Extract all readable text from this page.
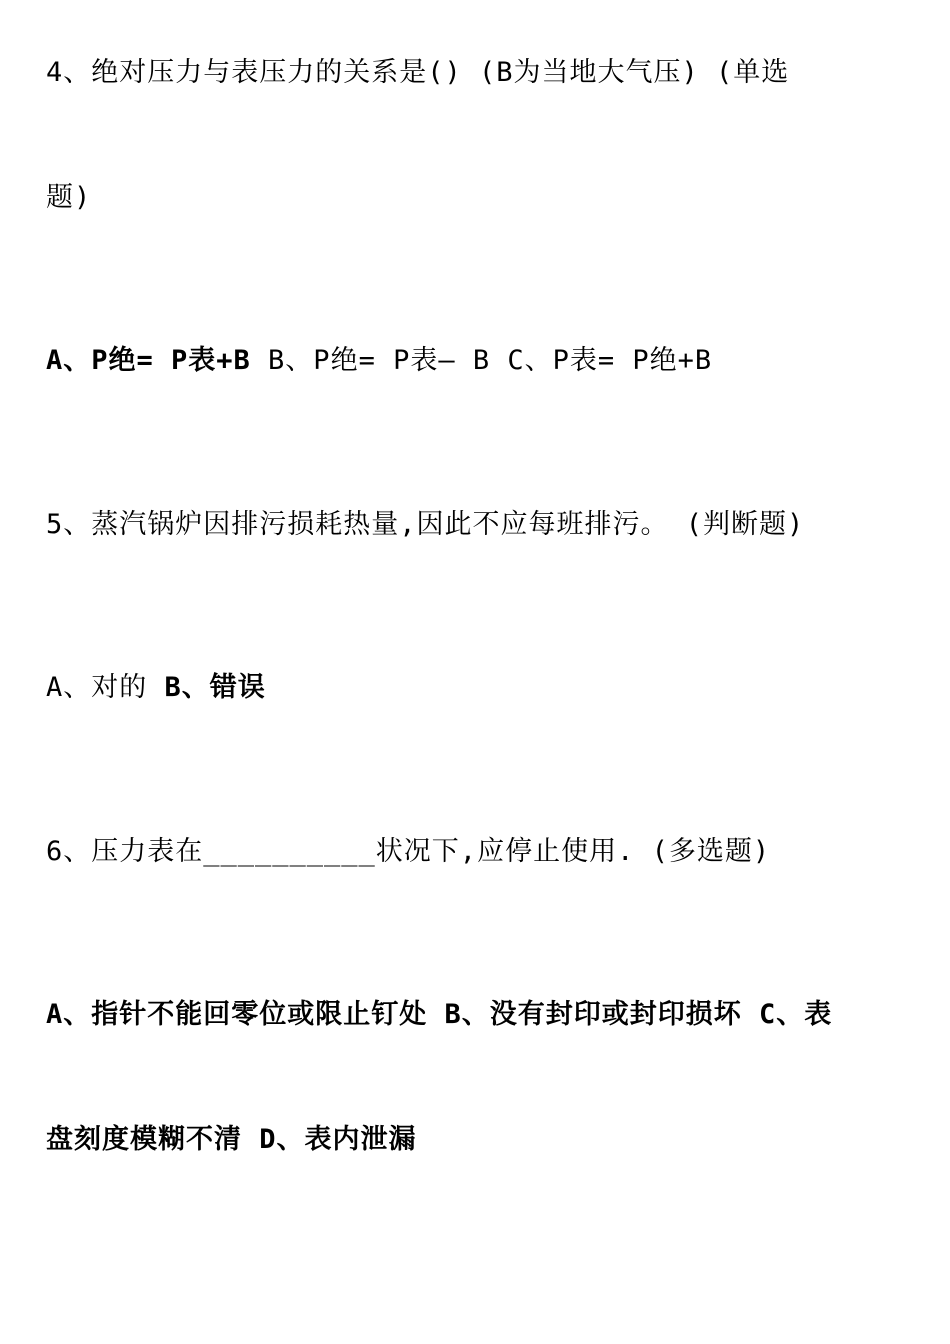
4、绝对压力与表压力的关系是() (B为当地大气压) (单选
题)
A、P绝= P表+B B、P绝= P表— B C、P表= P绝+B
5、蒸汽锅炉因排污损耗热量,因此不应每班排污。 (判断题)
A、对的 B、错误
6、压力表在__________状况下,应停止使用. (多选题)
A、指针不能回零位或限止钉处 B、没有封印或封印损坏 C、表
盘刻度模糊不清 D、表内泄漏
